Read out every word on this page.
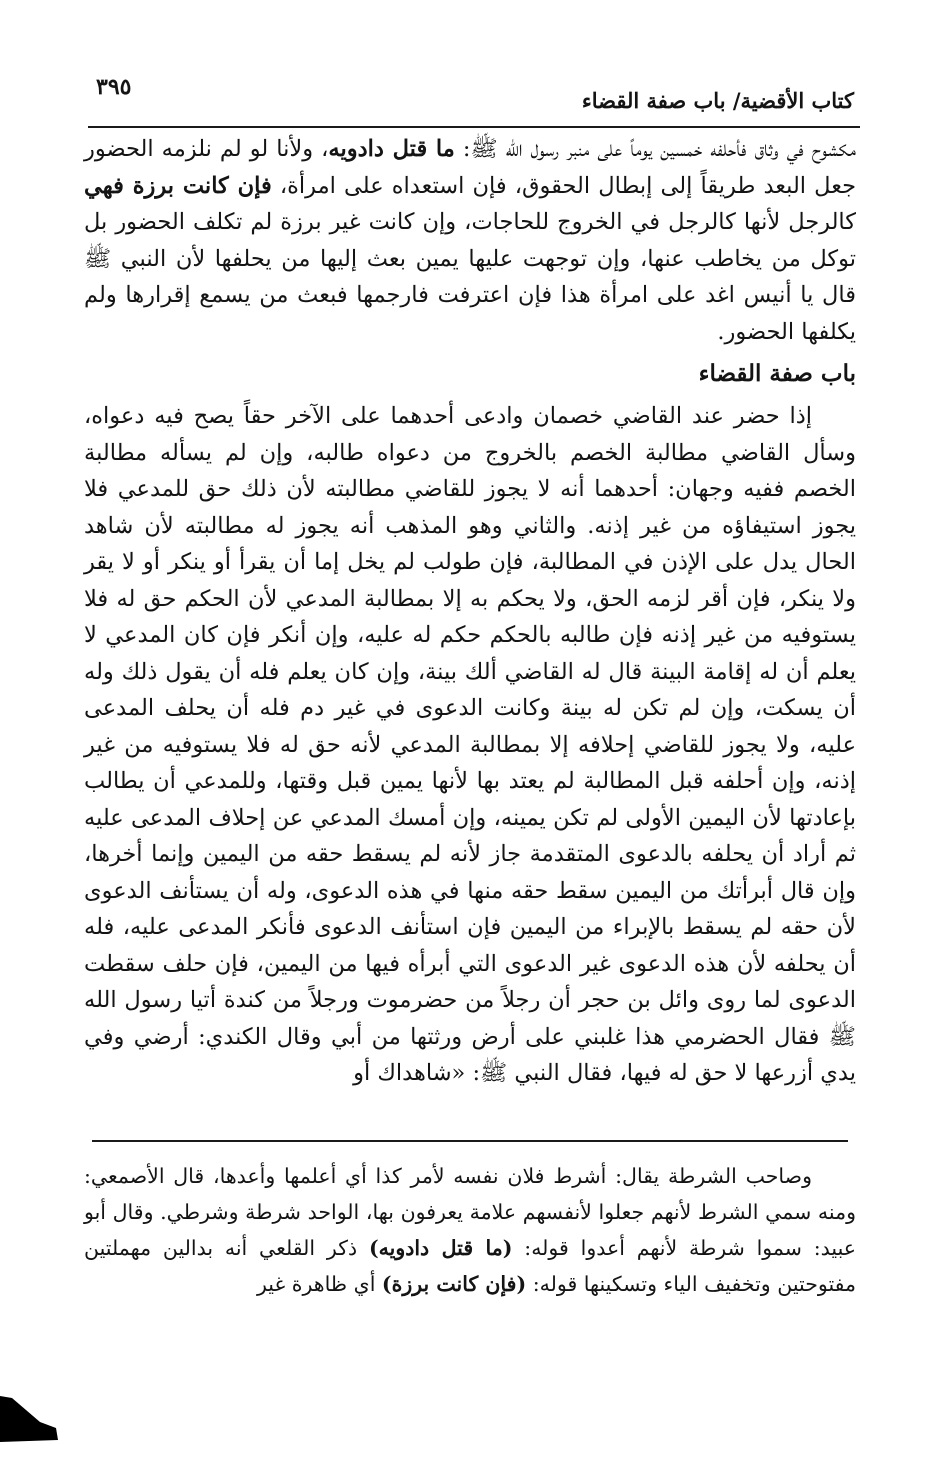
٣٩٥
كتاب الأقضية/ باب صفة القضاء

مكشوح في وثاق فأحلفه خمسين يوماً على منبر رسول الله ﷺ: ما قتل دادويه، ولأنا لو لم نلزمه الحضور جعل البعد طريقاً إلى إبطال الحقوق، فإن استعداه على امرأة، فإن كانت برزة فهي كالرجل لأنها كالرجل في الخروج للحاجات، وإن كانت غير برزة لم تكلف الحضور بل توكل من يخاطب عنها، وإن توجهت عليها يمين بعث إليها من يحلفها لأن النبي ﷺ قال يا أنيس اغد على امرأة هذا فإن اعترفت فارجمها فبعث من يسمع إقرارها ولم يكلفها الحضور.

باب صفة القضاء

إذا حضر عند القاضي خصمان وادعى أحدهما على الآخر حقاً يصح فيه دعواه، وسأل القاضي مطالبة الخصم بالخروج من دعواه طالبه، وإن لم يسأله مطالبة الخصم ففيه وجهان: أحدهما أنه لا يجوز للقاضي مطالبته لأن ذلك حق للمدعي فلا يجوز استيفاؤه من غير إذنه. والثاني وهو المذهب أنه يجوز له مطالبته لأن شاهد الحال يدل على الإذن في المطالبة، فإن طولب لم يخل إما أن يقرأ أو ينكر أو لا يقر ولا ينكر، فإن أقر لزمه الحق، ولا يحكم به إلا بمطالبة المدعي لأن الحكم حق له فلا يستوفيه من غير إذنه فإن طالبه بالحكم حكم له عليه، وإن أنكر فإن كان المدعي لا يعلم أن له إقامة البينة قال له القاضي ألك بينة، وإن كان يعلم فله أن يقول ذلك وله أن يسكت، وإن لم تكن له بينة وكانت الدعوى في غير دم فله أن يحلف المدعى عليه، ولا يجوز للقاضي إحلافه إلا بمطالبة المدعي لأنه حق له فلا يستوفيه من غير إذنه، وإن أحلفه قبل المطالبة لم يعتد بها لأنها يمين قبل وقتها، وللمدعي أن يطالب بإعادتها لأن اليمين الأولى لم تكن يمينه، وإن أمسك المدعي عن إحلاف المدعى عليه ثم أراد أن يحلفه بالدعوى المتقدمة جاز لأنه لم يسقط حقه من اليمين وإنما أخرها، وإن قال أبرأتك من اليمين سقط حقه منها في هذه الدعوى، وله أن يستأنف الدعوى لأن حقه لم يسقط بالإبراء من اليمين فإن استأنف الدعوى فأنكر المدعى عليه، فله أن يحلفه لأن هذه الدعوى غير الدعوى التي أبرأه فيها من اليمين، فإن حلف سقطت الدعوى لما روى وائل بن حجر أن رجلاً من حضرموت ورجلاً من كندة أتيا رسول الله ﷺ فقال الحضرمي هذا غلبني على أرض ورثتها من أبي وقال الكندي: أرضي وفي يدي أزرعها لا حق له فيها، فقال النبي ﷺ: «شاهداك أو

وصاحب الشرطة يقال: أشرط فلان نفسه لأمر كذا أي أعلمها وأعدها، قال الأصمعي: ومنه سمي الشرط لأنهم جعلوا لأنفسهم علامة يعرفون بها، الواحد شرطة وشرطي. وقال أبو عبيد: سموا شرطة لأنهم أعدوا قوله: (ما قتل دادويه) ذكر القلعي أنه بدالين مهملتين مفتوحتين وتخفيف الياء وتسكينها قوله: (فإن كانت برزة) أي ظاهرة غير
